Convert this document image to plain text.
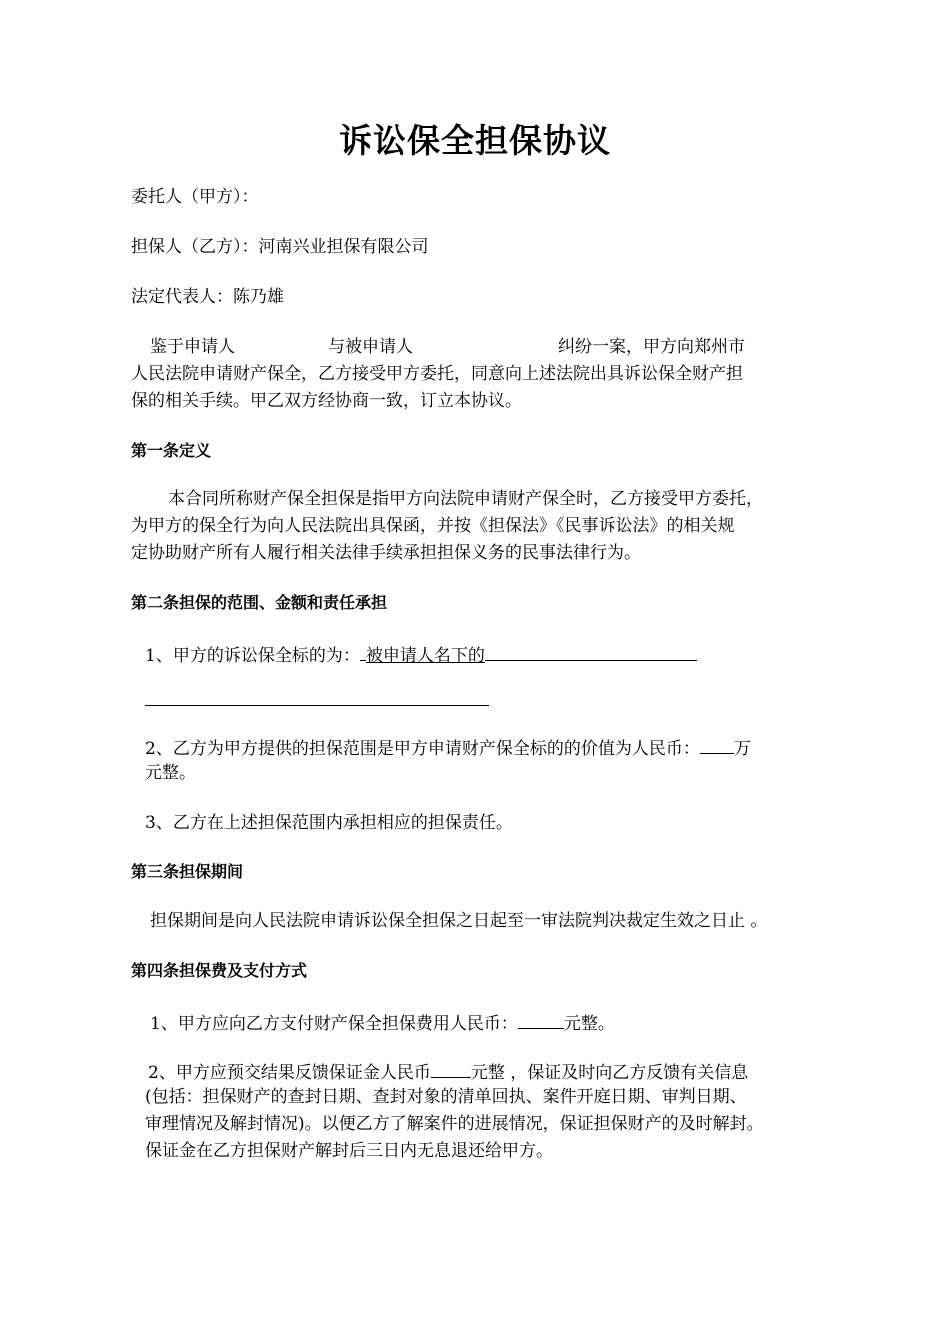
诉讼保全担保协议
委托人（甲方）：
担保人（乙方）：河南兴业担保有限公司
法定代表人：陈乃雄
鉴于申请人	与被申请人	纠纷一案，甲方向郑州市
人民法院申请财产保全，乙方接受甲方委托，同意向上述法院出具诉讼保全财产担
保的相关手续。甲乙双方经协商一致，订立本协议。
第一条定义
本合同所称财产保全担保是指甲方向法院申请财产保全时，乙方接受甲方委托，
为甲方的保全行为向人民法院出具保函，并按《担保法》《民事诉讼法》的相关规
定协助财产所有人履行相关法律手续承担担保义务的民事法律行为。
第二条担保的范围、金额和责任承担
1、甲方的诉讼保全标的为： 被申请人名下的
2、乙方为甲方提供的担保范围是甲方申请财产保全标的的价值为人民币： 万
元整。
3、乙方在上述担保范围内承担相应的担保责任。
第三条担保期间
担保期间是向人民法院申请诉讼保全担保之日起至一审法院判决裁定生效之日止 。
第四条担保费及支付方式
1、甲方应向乙方支付财产保全担保费用人民币：	元整。
2、甲方应预交结果反馈保证金人民币 元整 ，保证及时向乙方反馈有关信息
(包括：担保财产的查封日期、查封对象的清单回执、案件开庭日期、审判日期、
审理情况及解封情况)。以便乙方了解案件的进展情况，保证担保财产的及时解封。
保证金在乙方担保财产解封后三日内无息退还给甲方。
